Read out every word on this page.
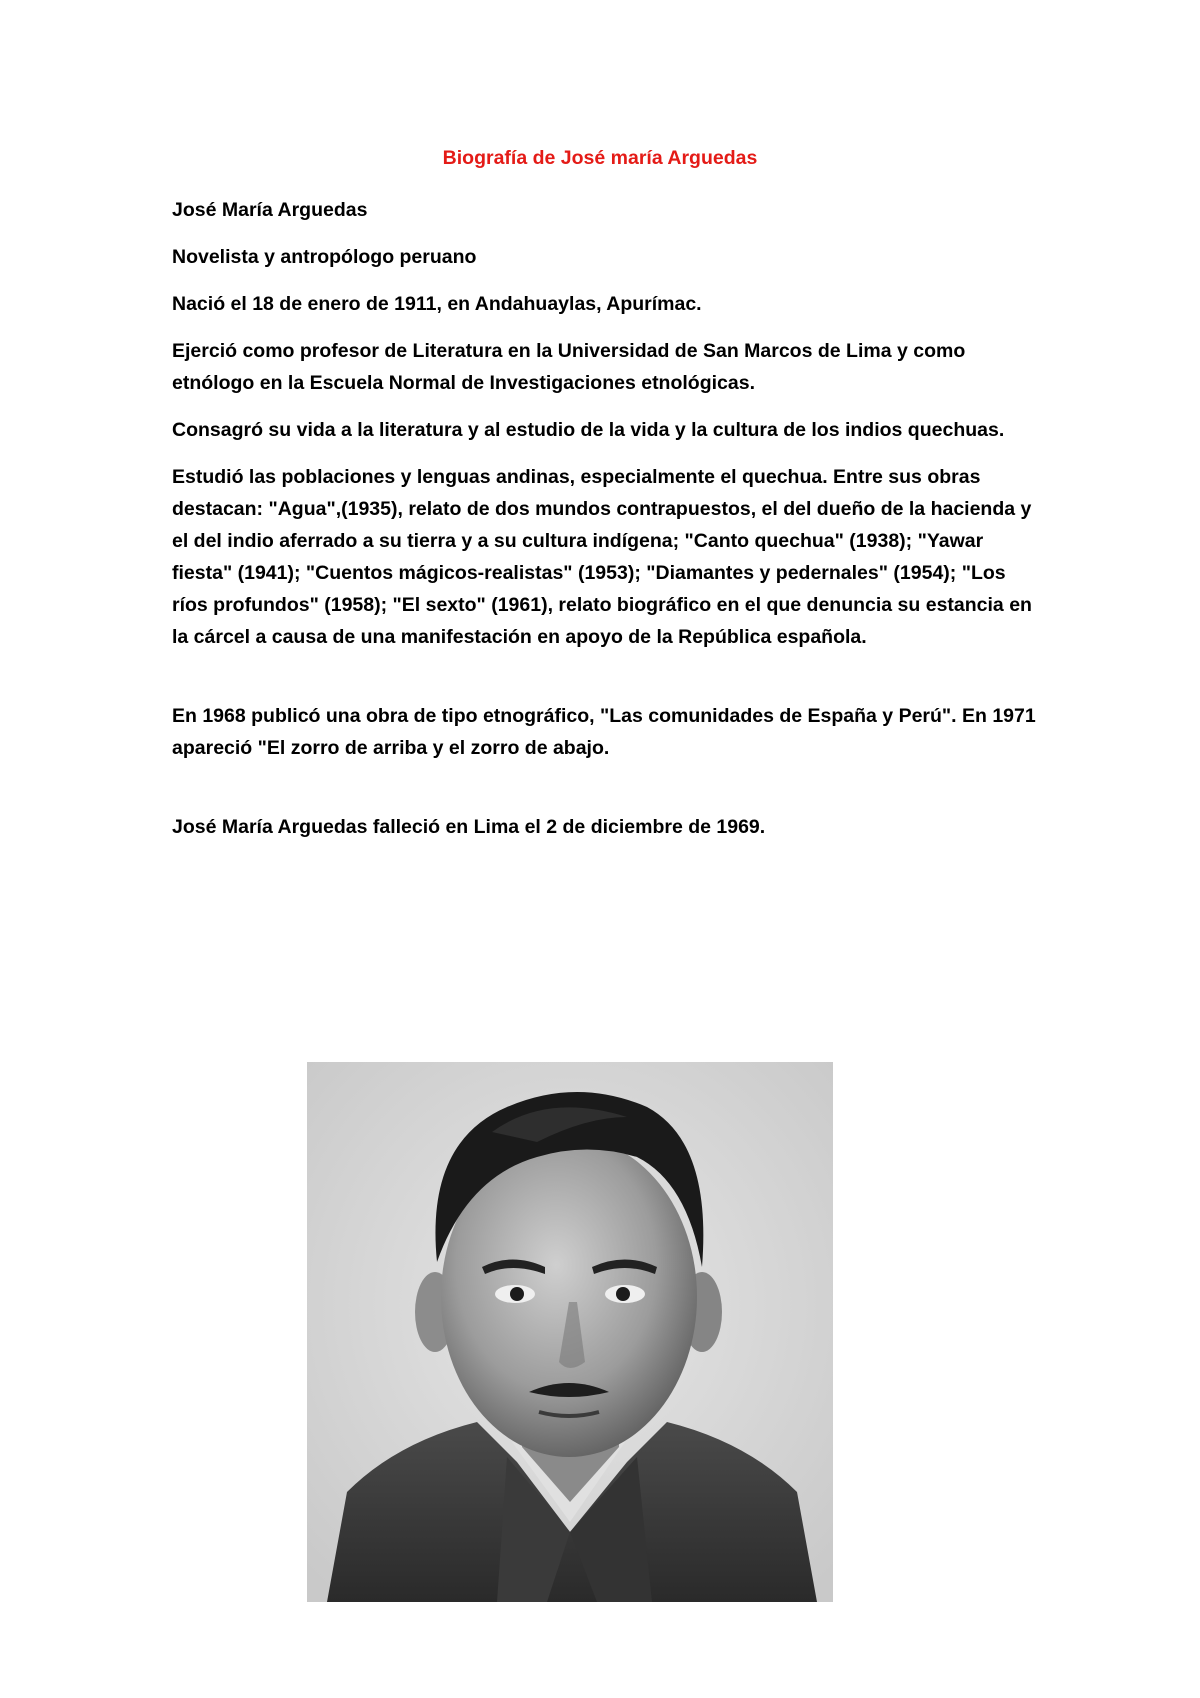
Biografía de José maría Arguedas

José María Arguedas

Novelista y antropólogo peruano

Nació el 18 de enero de 1911, en Andahuaylas, Apurímac.

Ejerció como profesor de Literatura en la Universidad de San Marcos de Lima y como etnólogo en la Escuela Normal de Investigaciones etnológicas.

Consagró su vida a la literatura y al estudio de la vida y la cultura de los indios quechuas.

Estudió las poblaciones y lenguas andinas, especialmente el quechua. Entre sus obras destacan: "Agua",(1935), relato de dos mundos contrapuestos, el del dueño de la hacienda y el del indio aferrado a su tierra y a su cultura indígena; "Canto quechua" (1938); "Yawar fiesta" (1941); "Cuentos mágicos-realistas" (1953); "Diamantes y pedernales" (1954); "Los ríos profundos" (1958); "El sexto" (1961), relato biográfico en el que denuncia su estancia en la cárcel a causa de una manifestación en apoyo de la República española.

En 1968 publicó una obra de tipo etnográfico, "Las comunidades de España y Perú". En 1971 apareció "El zorro de arriba y el zorro de abajo.

José María Arguedas falleció en Lima el 2 de diciembre de 1969.
